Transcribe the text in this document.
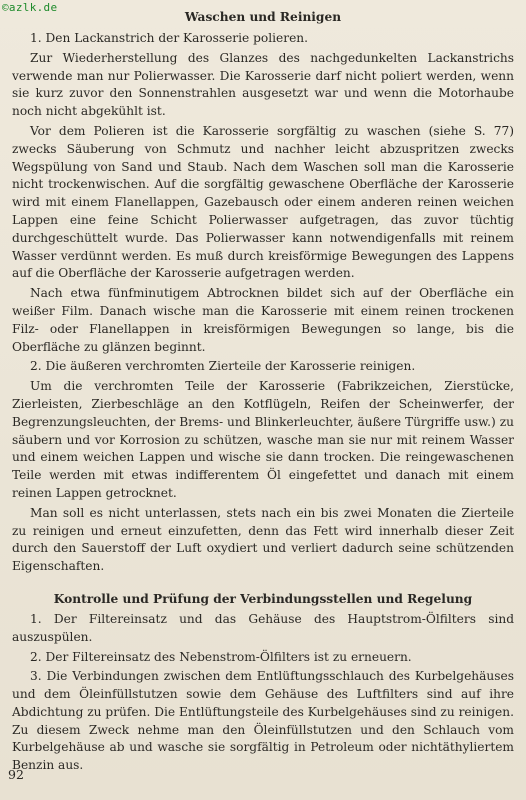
©azlk.de
Waschen und Reinigen

1. Den Lackanstrich der Karosserie polieren.

Zur Wiederherstellung des Glanzes des nachgedunkelten Lackanstrichs verwende man nur Polierwasser. Die Karosserie darf nicht poliert werden, wenn sie kurz zuvor den Sonnenstrahlen ausgesetzt war und wenn die Motorhaube noch nicht abgekühlt ist.

Vor dem Polieren ist die Karosserie sorgfältig zu waschen (siehe S. 77) zwecks Säuberung von Schmutz und nachher leicht abzuspritzen zwecks Wegspülung von Sand und Staub. Nach dem Waschen soll man die Karosserie nicht trockenwischen. Auf die sorgfältig gewaschene Oberfläche der Karosserie wird mit einem Flanellappen, Gazebausch oder einem anderen reinen weichen Lappen eine feine Schicht Polierwasser aufgetragen, das zuvor tüchtig durchgeschüttelt wurde. Das Polierwasser kann notwendigenfalls mit reinem Wasser verdünnt werden. Es muß durch kreisförmige Bewegungen des Lappens auf die Oberfläche der Karosserie aufgetragen werden.

Nach etwa fünfminutigem Abtrocknen bildet sich auf der Oberfläche ein weißer Film. Danach wische man die Karosserie mit einem reinen trockenen Filz- oder Flanellappen in kreisförmigen Bewegungen so lange, bis die Oberfläche zu glänzen beginnt.

2. Die äußeren verchromten Zierteile der Karosserie reinigen.

Um die verchromten Teile der Karosserie (Fabrikzeichen, Zierstücke, Zierleisten, Zierbeschläge an den Kotflügeln, Reifen der Scheinwerfer, der Begrenzungsleuchten, der Brems- und Blinkerleuchter, äußere Türgriffe usw.) zu säubern und vor Korrosion zu schützen, wasche man sie nur mit reinem Wasser und einem weichen Lappen und wische sie dann trocken. Die reingewaschenen Teile werden mit etwas indifferentem Öl eingefettet und danach mit einem reinen Lappen getrocknet.

Man soll es nicht unterlassen, stets nach ein bis zwei Monaten die Zierteile zu reinigen und erneut einzufetten, denn das Fett wird innerhalb dieser Zeit durch den Sauerstoff der Luft oxydiert und verliert dadurch seine schützenden Eigenschaften.

Kontrolle und Prüfung der Verbindungsstellen und Regelung

1. Der Filtereinsatz und das Gehäuse des Hauptstrom-Ölfilters sind auszuspülen.

2. Der Filtereinsatz des Nebenstrom-Ölfilters ist zu erneuern.

3. Die Verbindungen zwischen dem Entlüftungsschlauch des Kurbelgehäuses und dem Öleinfüllstutzen sowie dem Gehäuse des Luftfilters sind auf ihre Abdichtung zu prüfen. Die Entlüftungsteile des Kurbelgehäuses sind zu reinigen. Zu diesem Zweck nehme man den Öleinfüllstutzen und den Schlauch vom Kurbelgehäuse ab und wasche sie sorgfältig in Petroleum oder nichtäthyliertem Benzin aus.

92
